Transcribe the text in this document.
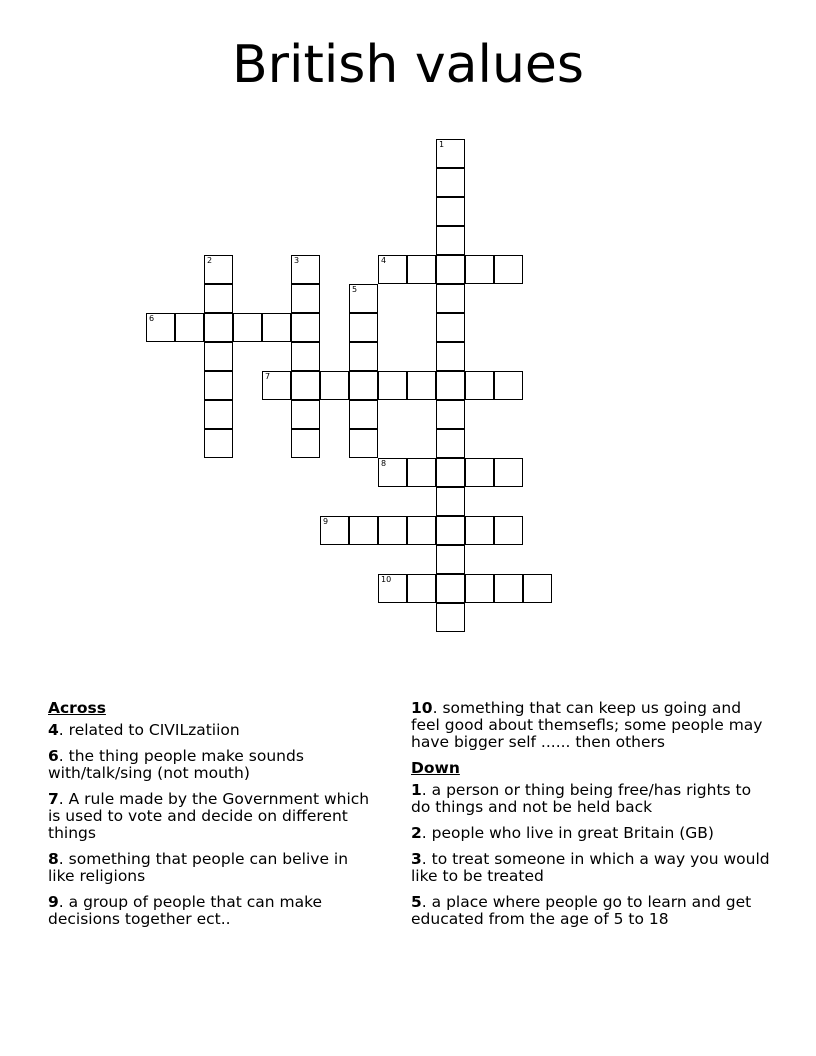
British values
1
2	3	4
5
6
7
8
9
10
Across
4. related to CIVILzatiion
6. the thing people make sounds with/talk/sing (not mouth)
7. A rule made by the Government which is used to vote and decide on different things
8. something that people can belive in like religions
9. a group of people that can make decisions together ect..
10. something that can keep us going and feel good about themsefls; some people may have bigger self ...... then others
Down
1. a person or thing being free/has rights to do things and not be held back
2. people who live in great Britain (GB)
3. to treat someone in which a way you would like to be treated
5. a place where people go to learn and get educated from the age of 5 to 18
